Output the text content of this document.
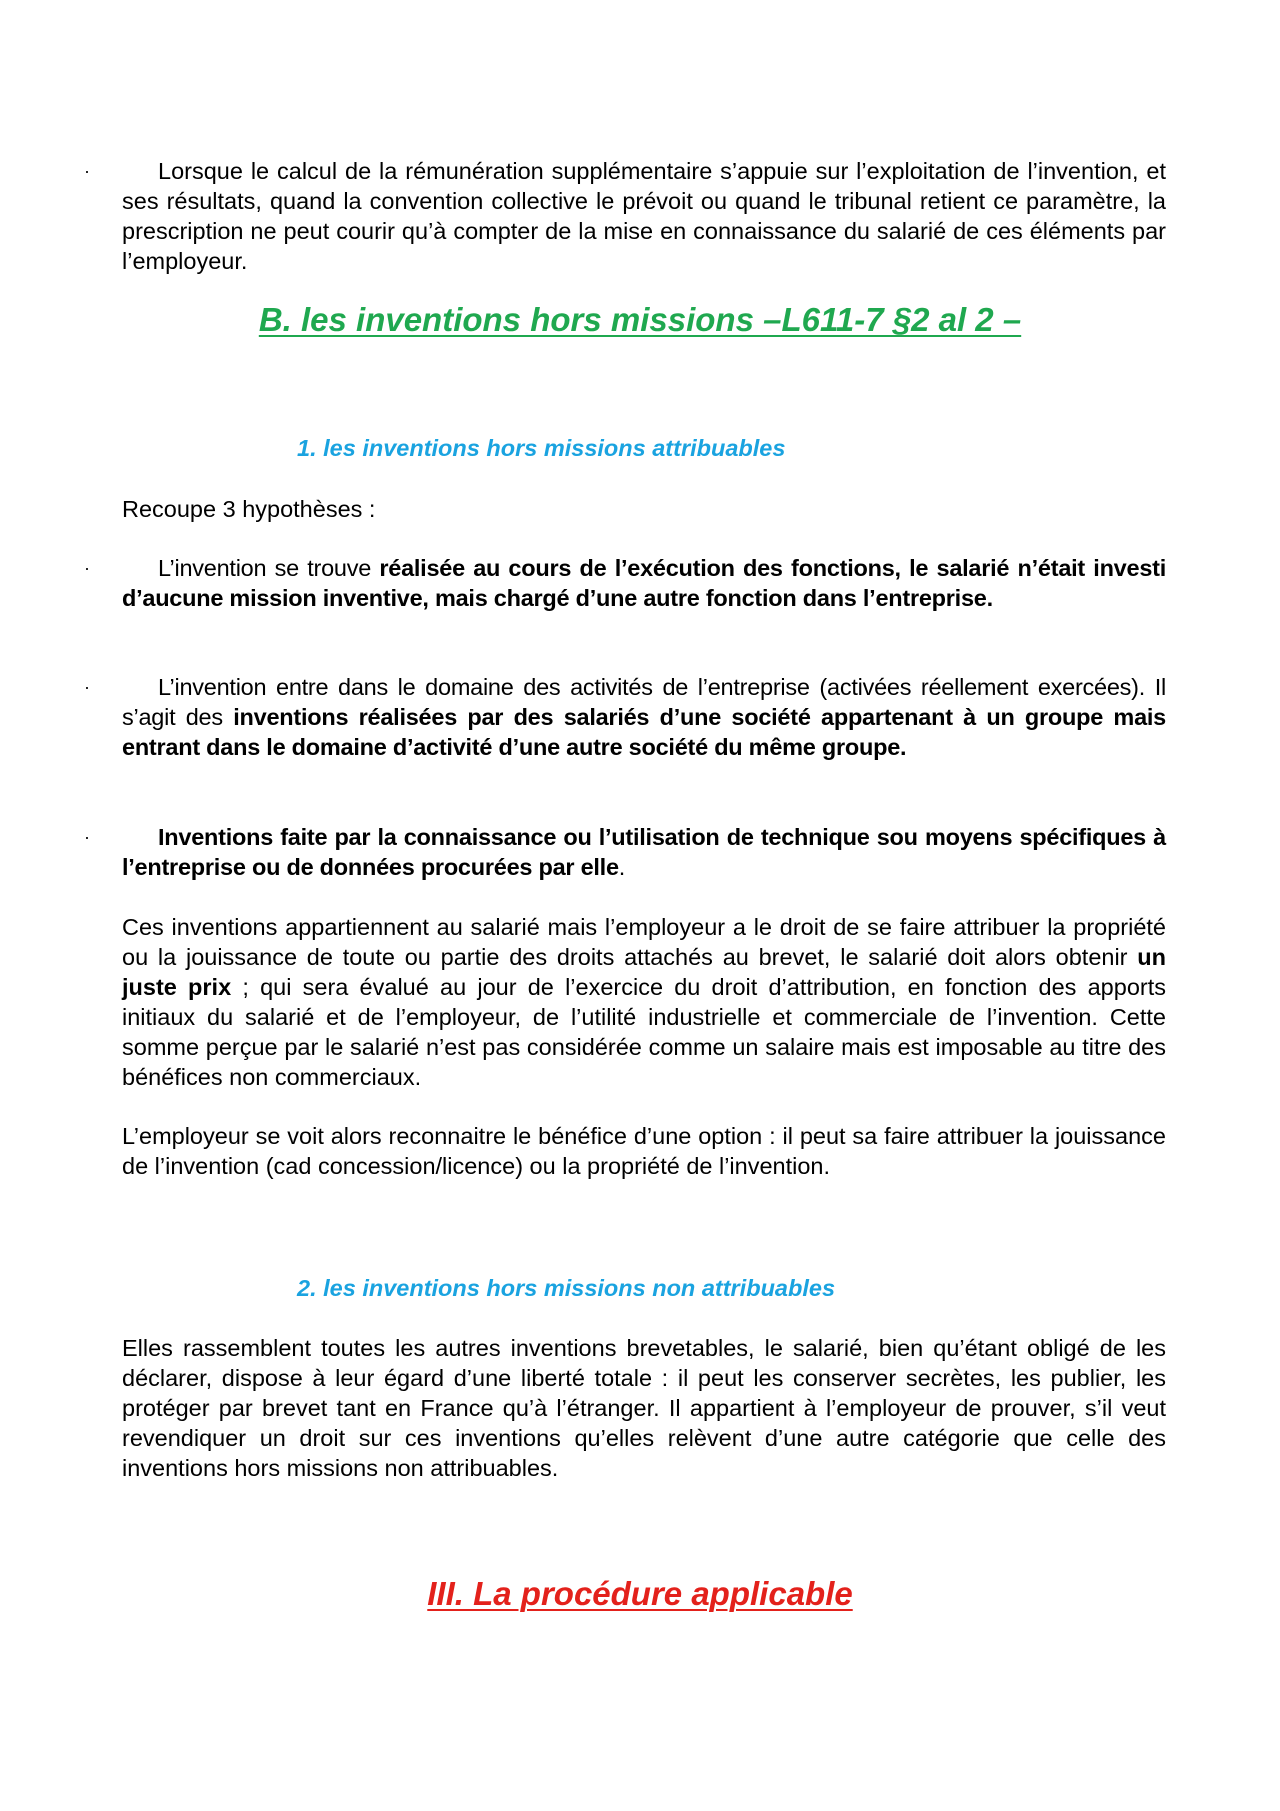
·	Lorsque le calcul de la rémunération supplémentaire s’appuie sur l’exploitation de l’invention, et ses résultats, quand la convention collective le prévoit ou quand le tribunal retient ce paramètre, la prescription ne peut courir qu’à compter de la mise en connaissance du salarié de ces éléments par l’employeur.

B. les inventions hors missions –L611-7 §2 al 2 –
1. les inventions hors missions attribuables

Recoupe 3 hypothèses :

·	L’invention se trouve réalisée au cours de l’exécution des fonctions, le salarié n’était investi d’aucune mission inventive, mais chargé d’une autre fonction dans l’entreprise.

·	L’invention entre dans le domaine des activités de l’entreprise (activées réellement exercées). Il s’agit des inventions réalisées par des salariés d’une société appartenant à un groupe mais entrant dans le domaine d’activité d’une autre société du même groupe.

·	Inventions faite par la connaissance ou l’utilisation de technique sou moyens spécifiques à l’entreprise ou de données procurées par elle.

Ces inventions appartiennent au salarié mais l’employeur a le droit de se faire attribuer la propriété ou la jouissance de toute ou partie des droits attachés au brevet, le salarié doit alors obtenir un juste prix ; qui sera évalué au jour de l’exercice du droit d’attribution, en fonction des apports initiaux du salarié et de l’employeur, de l’utilité industrielle et commerciale de l’invention. Cette somme perçue par le salarié n’est pas considérée comme un salaire mais est imposable au titre des bénéfices non commerciaux.

L’employeur se voit alors reconnaitre le bénéfice d’une option : il peut sa faire attribuer la jouissance de l’invention (cad concession/licence) ou la propriété de l’invention.

2. les inventions hors missions non attribuables

Elles rassemblent toutes les autres inventions brevetables, le salarié, bien qu’étant obligé de les déclarer, dispose à leur égard d’une liberté totale : il peut les conserver secrètes, les publier, les protéger par brevet tant en France qu’à l’étranger. Il appartient à l’employeur de prouver, s’il veut revendiquer un droit sur ces inventions qu’elles relèvent d’une autre catégorie que celle des inventions hors missions non attribuables.

III. La procédure applicable
